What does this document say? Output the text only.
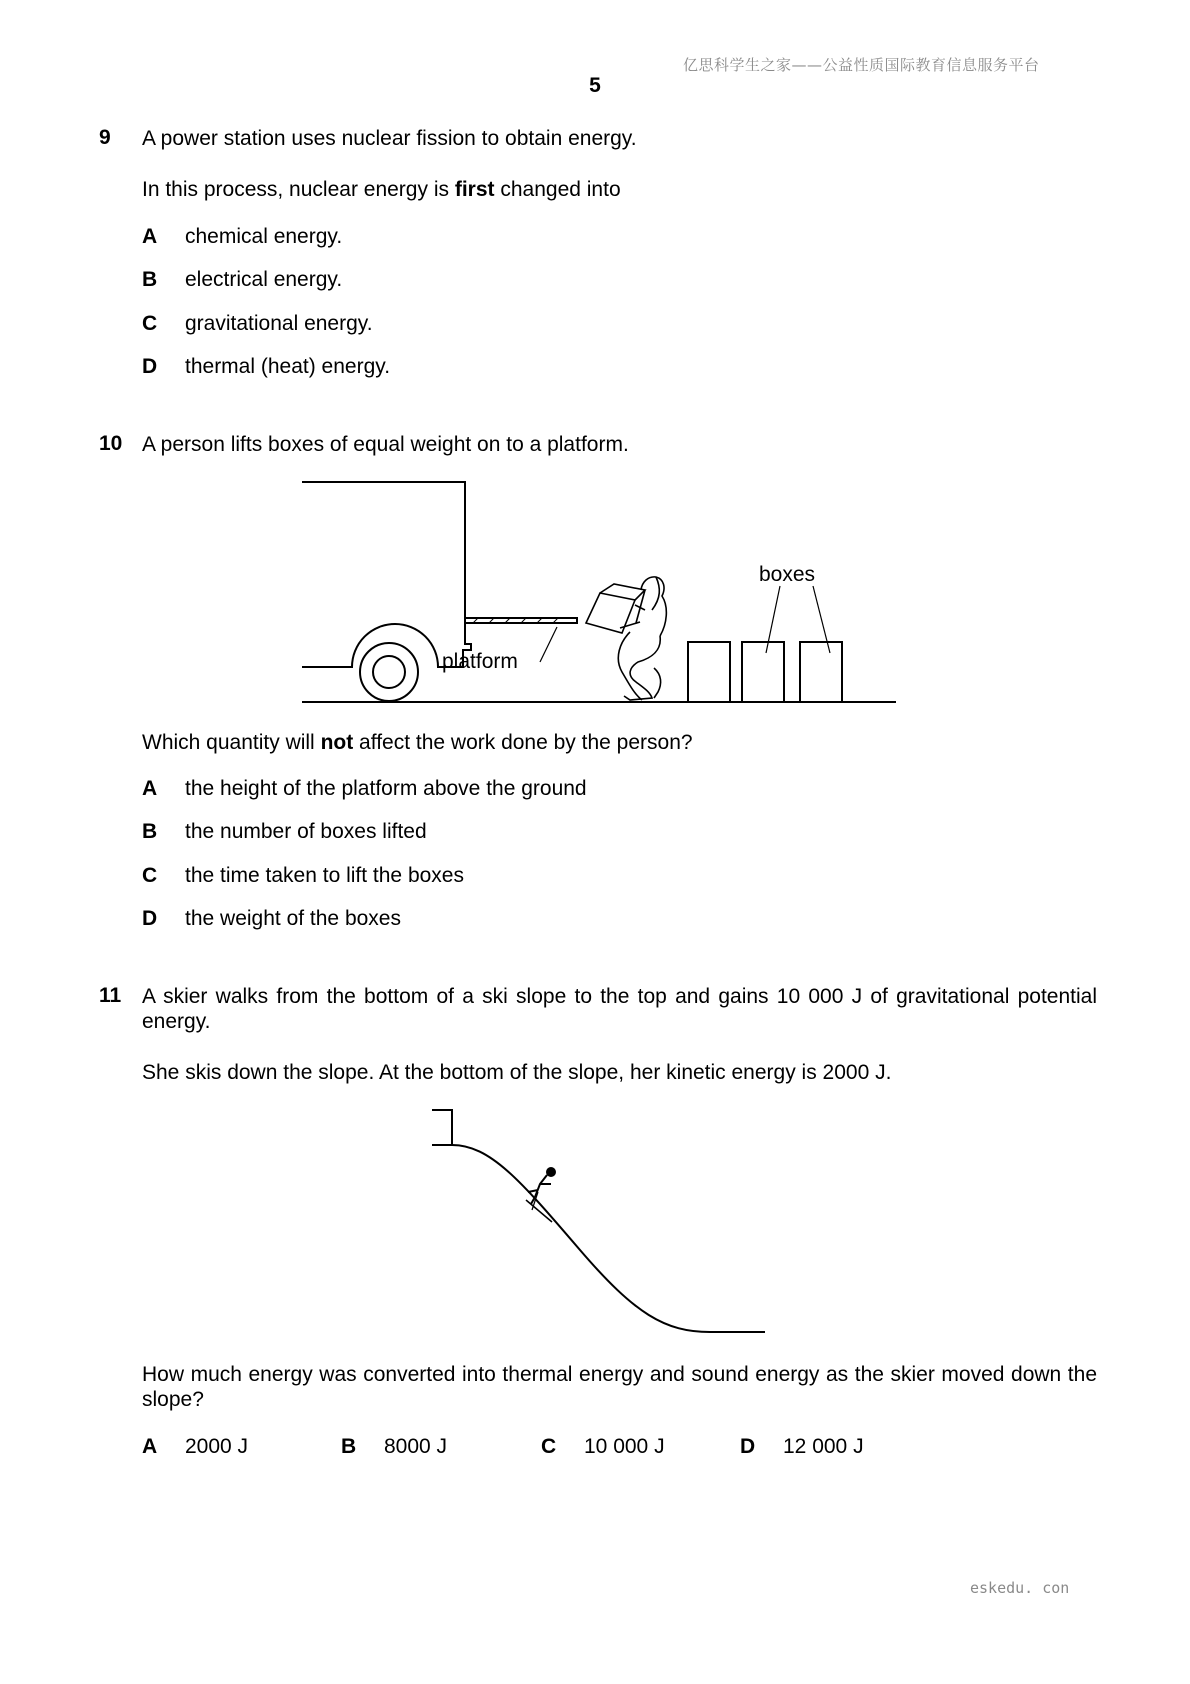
亿思科学生之家——公益性质国际教育信息服务平台
5
9 A power station uses nuclear fission to obtain energy.
In this process, nuclear energy is first changed into
A chemical energy.
B electrical energy.
C gravitational energy.
D thermal (heat) energy.
10 A person lifts boxes of equal weight on to a platform.
boxes
platform
Which quantity will not affect the work done by the person?
A the height of the platform above the ground
B the number of boxes lifted
C the time taken to lift the boxes
D the weight of the boxes
11 A skier walks from the bottom of a ski slope to the top and gains 10 000 J of gravitational potential energy.
She skis down the slope. At the bottom of the slope, her kinetic energy is 2000 J.
How much energy was converted into thermal energy and sound energy as the skier moved down the slope?
A 2000 J	B 8000 J	C 10 000 J	D 12 000 J
eskedu. con
